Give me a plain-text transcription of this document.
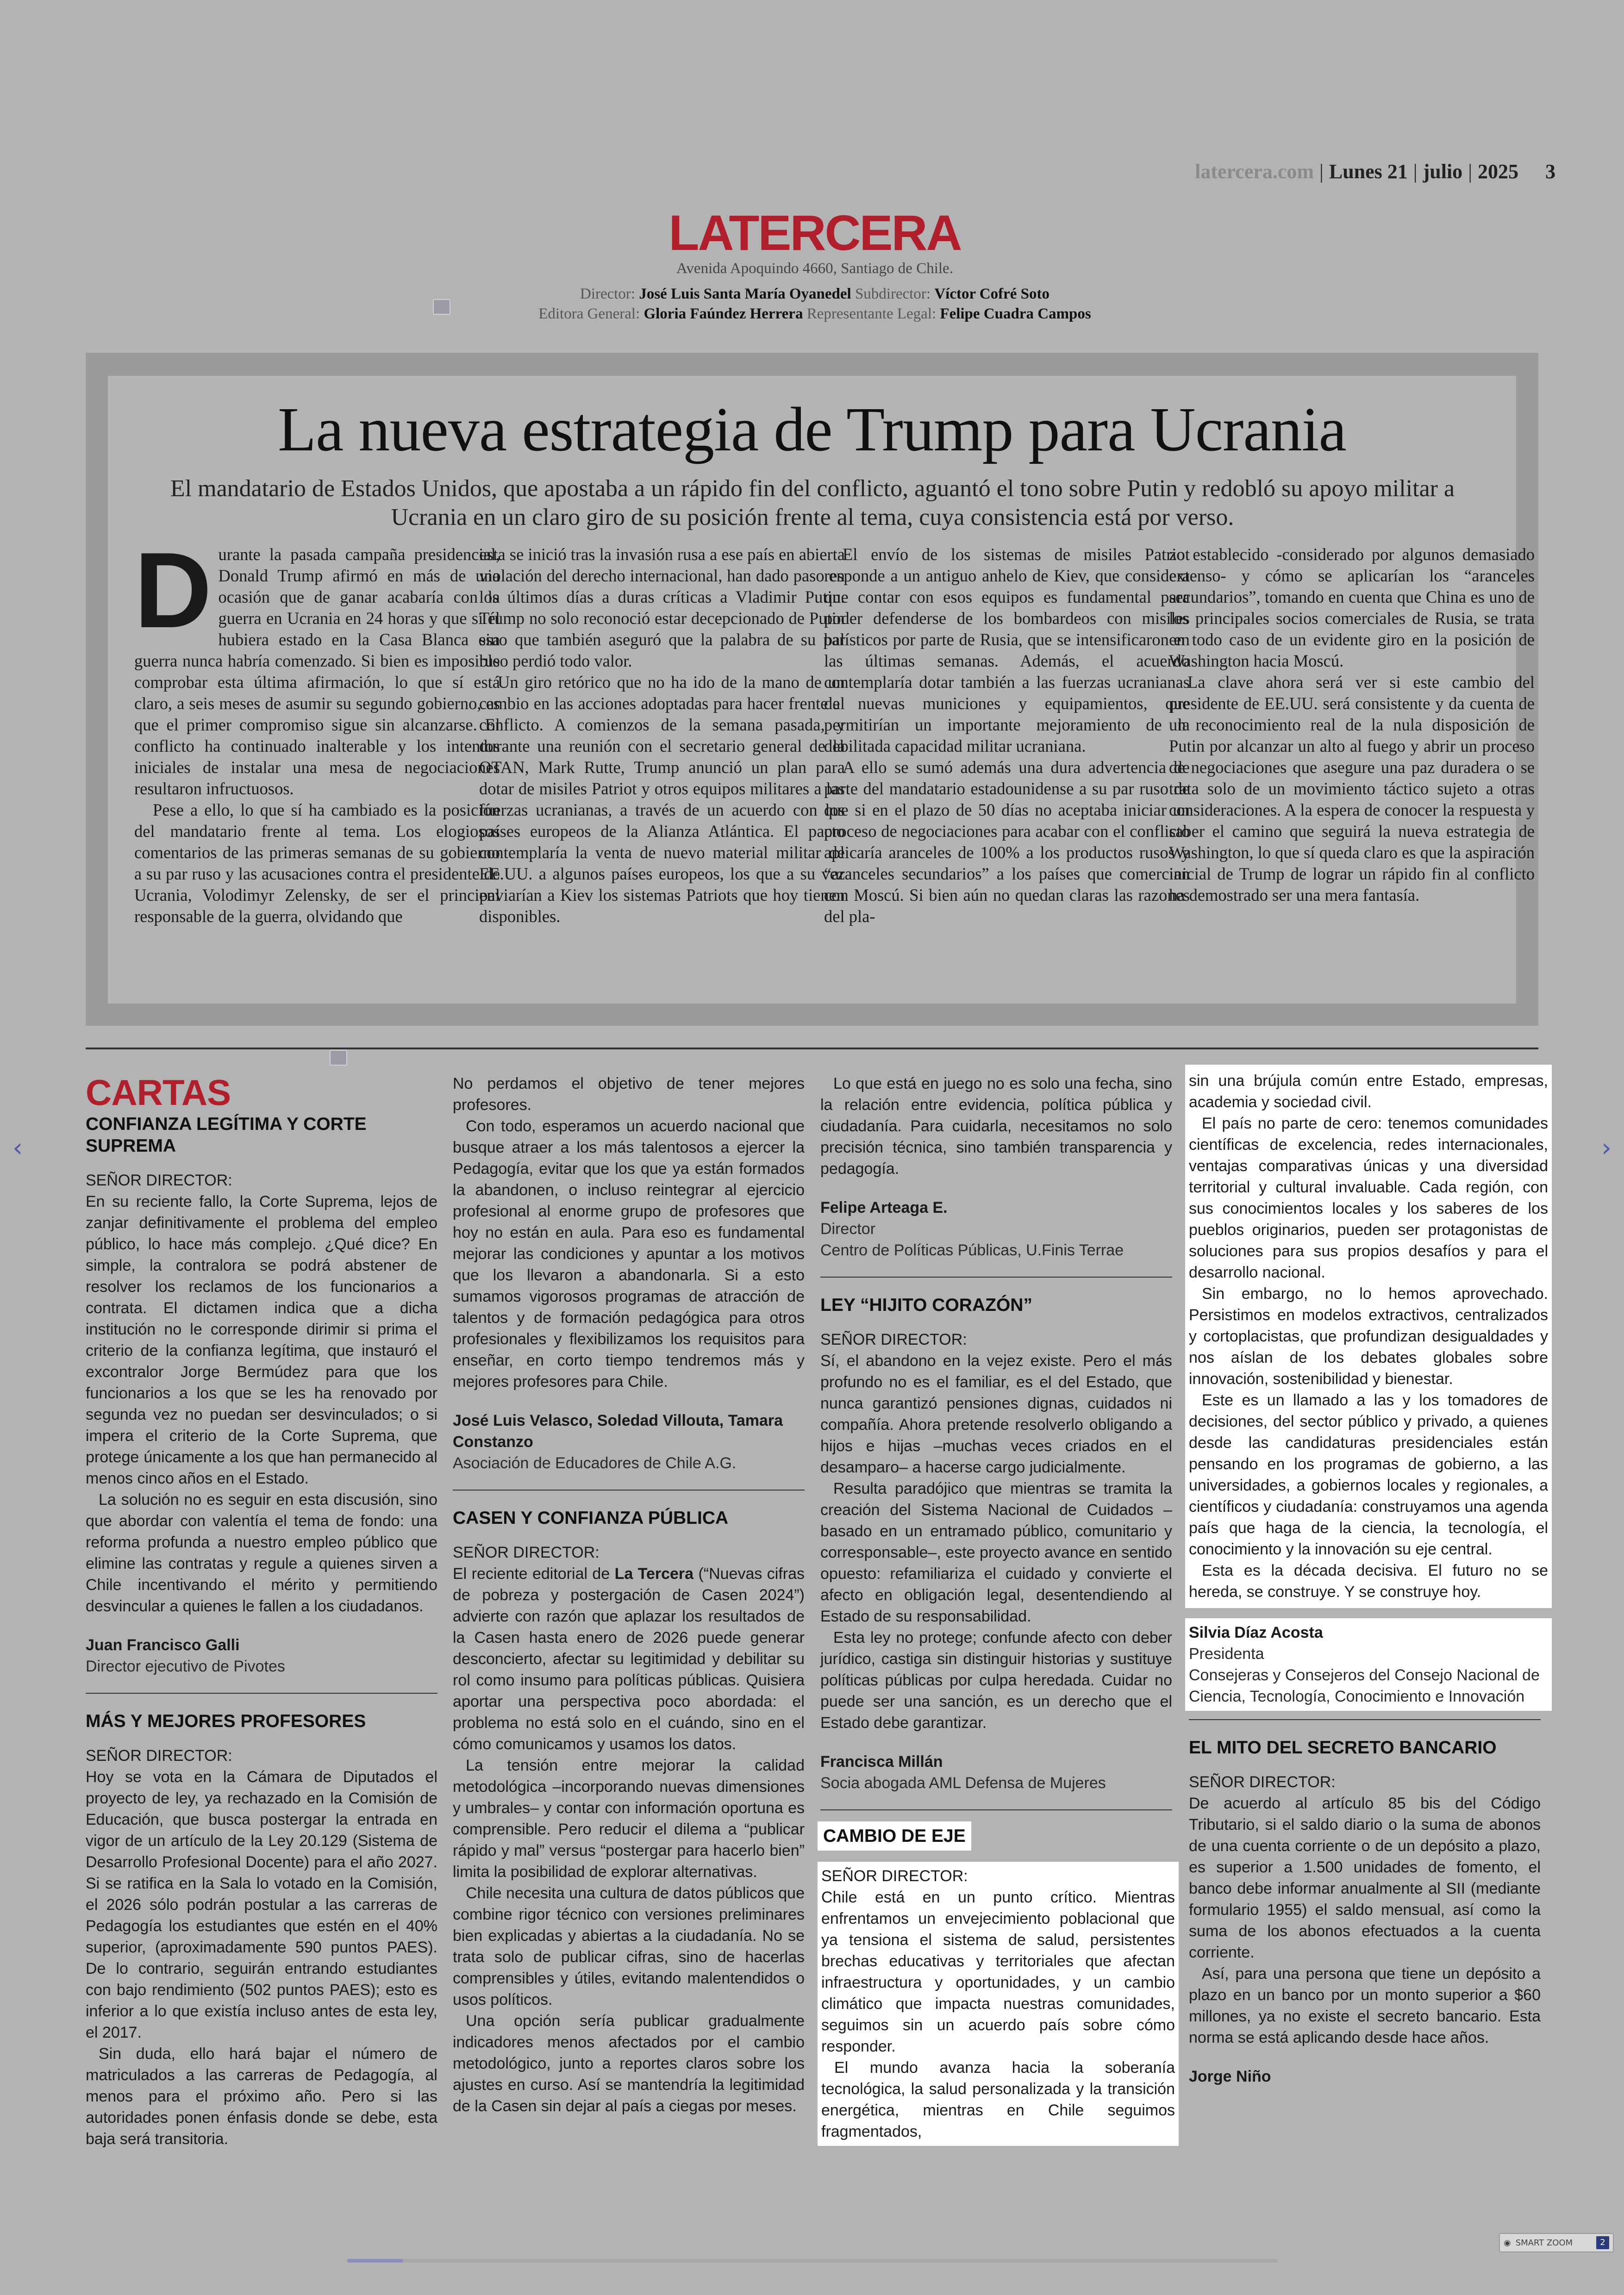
latercera.com | Lunes 21 | julio | 2025 3
LATERCERA
Avenida Apoquindo 4660, Santiago de Chile.
Director: José Luis Santa María Oyanedel Subdirector: Víctor Cofré Soto
Editora General: Gloria Faúndez Herrera Representante Legal: Felipe Cuadra Campos
La nueva estrategia de Trump para Ucrania
El mandatario de Estados Unidos, que apostaba a un rápido fin del conflicto, aguantó el tono sobre Putin y redobló su apoyo militar a Ucrania en un claro giro de su posición frente al tema, cuya consistencia está por verso.

Durante la pasada campaña presidencial, Donald Trump afirmó en más de una ocasión que de ganar acabaría con la guerra en Ucrania en 24 horas y que si él hubiera estado en la Casa Blanca esa guerra nunca habría comenzado. Si bien es imposible comprobar esta última afirmación, lo que sí está claro, a seis meses de asumir su segundo gobierno, es que el primer compromiso sigue sin alcanzarse. El conflicto ha continuado inalterable y los intentos iniciales de instalar una mesa de negociaciones resultaron infructuosos.

Pese a ello, lo que sí ha cambiado es la posición del mandatario frente al tema. Los elogiosos comentarios de las primeras semanas de su gobierno a su par ruso y las acusaciones contra el presidente de Ucrania, Volodimyr Zelensky, de ser el principal responsable de la guerra, olvidando que

esta se inició tras la invasión rusa a ese país en abierta violación del derecho internacional, han dado paso en los últimos días a duras críticas a Vladimir Putin. Trump no solo reconoció estar decepcionado de Putin sino que también aseguró que la palabra de su par ruso perdió todo valor.

Un giro retórico que no ha ido de la mano de un cambio en las acciones adoptadas para hacer frente al conflicto. A comienzos de la semana pasada, y durante una reunión con el secretario general de la OTAN, Mark Rutte, Trump anunció un plan para dotar de misiles Patriot y otros equipos militares a las fuerzas ucranianas, a través de un acuerdo con los países europeos de la Alianza Atlántica. El pacto contemplaría la venta de nuevo material militar de EE.UU. a algunos países europeos, los que a su vez enviarían a Kiev los sistemas Patriots que hoy tienen disponibles.

El envío de los sistemas de misiles Patriot responde a un antiguo anhelo de Kiev, que considera que contar con esos equipos es fundamental para poder defenderse de los bombardeos con misiles balísticos por parte de Rusia, que se intensificaron en las últimas semanas. Además, el acuerdo contemplaría dotar también a las fuerzas ucranianas de nuevas municiones y equipamientos, que permitirían un importante mejoramiento de la debilitada capacidad militar ucraniana.

A ello se sumó además una dura advertencia de parte del mandatario estadounidense a su par ruso de que si en el plazo de 50 días no aceptaba iniciar un proceso de negociaciones para acabar con el conflicto aplicaría aranceles de 100% a los productos rusos y “aranceles secundarios” a los países que comercian con Moscú. Si bien aún no quedan claras las razones del pla-

zo establecido -considerado por algunos demasiado extenso- y cómo se aplicarían los “aranceles secundarios”, tomando en cuenta que China es uno de los principales socios comerciales de Rusia, se trata en todo caso de un evidente giro en la posición de Washington hacia Moscú.

La clave ahora será ver si este cambio del presidente de EE.UU. será consistente y da cuenta de un reconocimiento real de la nula disposición de Putin por alcanzar un alto al fuego y abrir un proceso de negociaciones que asegure una paz duradera o se trata solo de un movimiento táctico sujeto a otras consideraciones. A la espera de conocer la respuesta y saber el camino que seguirá la nueva estrategia de Washington, lo que sí queda claro es que la aspiración inicial de Trump de lograr un rápido fin al conflicto ha demostrado ser una mera fantasía.

CARTAS
CONFIANZA LEGÍTIMA Y CORTE SUPREMA
SEÑOR DIRECTOR:

En su reciente fallo, la Corte Suprema, lejos de zanjar definitivamente el problema del empleo público, lo hace más complejo. ¿Qué dice? En simple, la contralora se podrá abstener de resolver los reclamos de los funcionarios a contrata. El dictamen indica que a dicha institución no le corresponde dirimir si prima el criterio de la confianza legítima, que instauró el excontralor Jorge Bermúdez para que los funcionarios a los que se les ha renovado por segunda vez no puedan ser desvinculados; o si impera el criterio de la Corte Suprema, que protege únicamente a los que han permanecido al menos cinco años en el Estado.

La solución no es seguir en esta discusión, sino que abordar con valentía el tema de fondo: una reforma profunda a nuestro empleo público que elimine las contratas y regule a quienes sirven a Chile incentivando el mérito y permitiendo desvincular a quienes le fallen a los ciudadanos.

Juan Francisco Galli
Director ejecutivo de Pivotes
MÁS Y MEJORES PROFESORES
SEÑOR DIRECTOR:

Hoy se vota en la Cámara de Diputados el proyecto de ley, ya rechazado en la Comisión de Educación, que busca postergar la entrada en vigor de un artículo de la Ley 20.129 (Sistema de Desarrollo Profesional Docente) para el año 2027. Si se ratifica en la Sala lo votado en la Comisión, el 2026 sólo podrán postular a las carreras de Pedagogía los estudiantes que estén en el 40% superior, (aproximadamente 590 puntos PAES). De lo contrario, seguirán entrando estudiantes con bajo rendimiento (502 puntos PAES); esto es inferior a lo que existía incluso antes de esta ley, el 2017.

Sin duda, ello hará bajar el número de matriculados a las carreras de Pedagogía, al menos para el próximo año. Pero si las autoridades ponen énfasis donde se debe, esta baja será transitoria.

No perdamos el objetivo de tener mejores profesores.

Con todo, esperamos un acuerdo nacional que busque atraer a los más talentosos a ejercer la Pedagogía, evitar que los que ya están formados la abandonen, o incluso reintegrar al ejercicio profesional al enorme grupo de profesores que hoy no están en aula. Para eso es fundamental mejorar las condiciones y apuntar a los motivos que los llevaron a abandonarla. Si a esto sumamos vigorosos programas de atracción de talentos y de formación pedagógica para otros profesionales y flexibilizamos los requisitos para enseñar, en corto tiempo tendremos más y mejores profesores para Chile.

José Luis Velasco, Soledad Villouta, Tamara Constanzo
Asociación de Educadores de Chile A.G.
CASEN Y CONFIANZA PÚBLICA
SEÑOR DIRECTOR:

El reciente editorial de La Tercera (“Nuevas cifras de pobreza y postergación de Casen 2024”) advierte con razón que aplazar los resultados de la Casen hasta enero de 2026 puede generar desconcierto, afectar su legitimidad y debilitar su rol como insumo para políticas públicas. Quisiera aportar una perspectiva poco abordada: el problema no está solo en el cuándo, sino en el cómo comunicamos y usamos los datos.

La tensión entre mejorar la calidad metodológica –incorporando nuevas dimensiones y umbrales– y contar con información oportuna es comprensible. Pero reducir el dilema a “publicar rápido y mal” versus “postergar para hacerlo bien” limita la posibilidad de explorar alternativas.

Chile necesita una cultura de datos públicos que combine rigor técnico con versiones preliminares bien explicadas y abiertas a la ciudadanía. No se trata solo de publicar cifras, sino de hacerlas comprensibles y útiles, evitando malentendidos o usos políticos.

Una opción sería publicar gradualmente indicadores menos afectados por el cambio metodológico, junto a reportes claros sobre los ajustes en curso. Así se mantendría la legitimidad de la Casen sin dejar al país a ciegas por meses.

Lo que está en juego no es solo una fecha, sino la relación entre evidencia, política pública y ciudadanía. Para cuidarla, necesitamos no solo precisión técnica, sino también transparencia y pedagogía.

Felipe Arteaga E.
Director
Centro de Políticas Públicas, U.Finis Terrae
LEY “HIJITO CORAZÓN”
SEÑOR DIRECTOR:

Sí, el abandono en la vejez existe. Pero el más profundo no es el familiar, es el del Estado, que nunca garantizó pensiones dignas, cuidados ni compañía. Ahora pretende resolverlo obligando a hijos e hijas –muchas veces criados en el desamparo– a hacerse cargo judicialmente.

Resulta paradójico que mientras se tramita la creación del Sistema Nacional de Cuidados –basado en un entramado público, comunitario y corresponsable–, este proyecto avance en sentido opuesto: refamiliariza el cuidado y convierte el afecto en obligación legal, desentendiendo al Estado de su responsabilidad.

Esta ley no protege; confunde afecto con deber jurídico, castiga sin distinguir historias y sustituye políticas públicas por culpa heredada. Cuidar no puede ser una sanción, es un derecho que el Estado debe garantizar.

Francisca Millán
Socia abogada AML Defensa de Mujeres
CAMBIO DE EJE
SEÑOR DIRECTOR:

Chile está en un punto crítico. Mientras enfrentamos un envejecimiento poblacional que ya tensiona el sistema de salud, persistentes brechas educativas y territoriales que afectan infraestructura y oportunidades, y un cambio climático que impacta nuestras comunidades, seguimos sin un acuerdo país sobre cómo responder.

El mundo avanza hacia la soberanía tecnológica, la salud personalizada y la transición energética, mientras en Chile seguimos fragmentados,

sin una brújula común entre Estado, empresas, academia y sociedad civil.

El país no parte de cero: tenemos comunidades científicas de excelencia, redes internacionales, ventajas comparativas únicas y una diversidad territorial y cultural invaluable. Cada región, con sus conocimientos locales y los saberes de los pueblos originarios, pueden ser protagonistas de soluciones para sus propios desafíos y para el desarrollo nacional.

Sin embargo, no lo hemos aprovechado. Persistimos en modelos extractivos, centralizados y cortoplacistas, que profundizan desigualdades y nos aíslan de los debates globales sobre innovación, sostenibilidad y bienestar.

Este es un llamado a las y los tomadores de decisiones, del sector público y privado, a quienes desde las candidaturas presidenciales están pensando en los programas de gobierno, a las universidades, a gobiernos locales y regionales, a científicos y ciudadanía: construyamos una agenda país que haga de la ciencia, la tecnología, el conocimiento y la innovación su eje central.

Esta es la década decisiva. El futuro no se hereda, se construye. Y se construye hoy.

Silvia Díaz Acosta
Presidenta
Consejeras y Consejeros del Consejo Nacional de Ciencia, Tecnología, Conocimiento e Innovación
EL MITO DEL SECRETO BANCARIO
SEÑOR DIRECTOR:

De acuerdo al artículo 85 bis del Código Tributario, si el saldo diario o la suma de abonos de una cuenta corriente o de un depósito a plazo, es superior a 1.500 unidades de fomento, el banco debe informar anualmente al SII (mediante formulario 1955) el saldo mensual, así como la suma de los abonos efectuados a la cuenta corriente.

Así, para una persona que tiene un depósito a plazo en un banco por un monto superior a $60 millones, ya no existe el secreto bancario. Esta norma se está aplicando desde hace años.

Jorge Niño
‹	›
◉ SMART ZOOM	2
